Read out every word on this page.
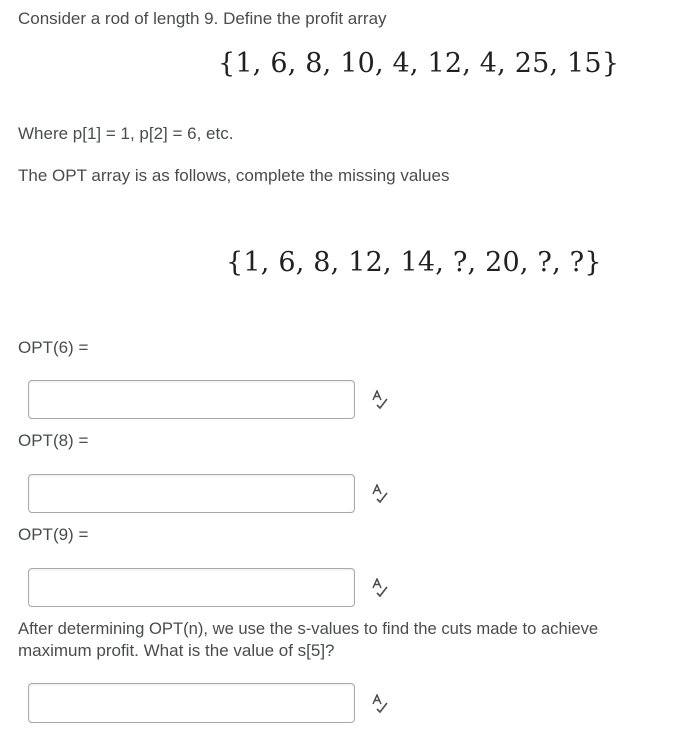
Consider a rod of length 9. Define the profit array
{1, 6, 8, 10, 4, 12, 4, 25, 15}
Where p[1] = 1, p[2] = 6, etc.
The OPT array is as follows, complete the missing values
{1, 6, 8, 12, 14, ?, 20, ?, ?}
OPT(6) =
OPT(8) =
OPT(9) =
After determining OPT(n), we use the s-values to find the cuts made to achieve
maximum profit. What is the value of s[5]?
